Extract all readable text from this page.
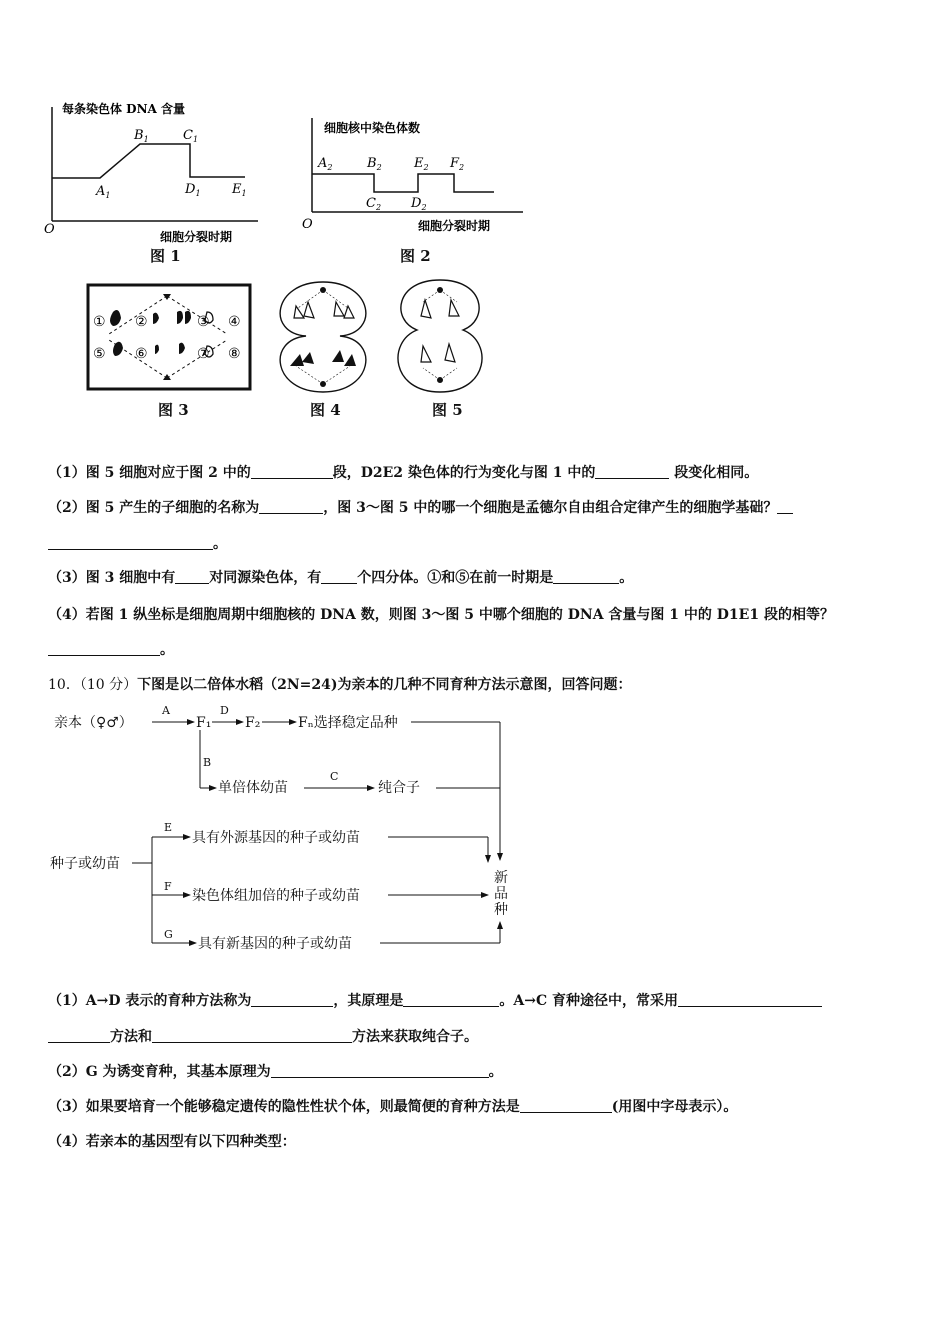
每条染色体 DNA 含量
O	细胞分裂时期
$A_1$
$B_1$	$C_1$
$D_1$ $E_1$
图 1
细胞核中染色体数
O	细胞分裂时期
$A_2$	$B_2$
$C_2$ $D_2$
$E_2$ $F_2$
图 2
① ②	③ ④
⑤ ⑥	⑦ ⑧
图 3	图 4	图 5
（1）图 5 细胞对应于图 2 中的	段，D2E2 染色体的行为变化与图 1 中的	段变化相同。
（2）图 5 产生的子细胞的名称为	，图 3～图 5 中的哪一个细胞是孟德尔自由组合定律产生的细胞学基础？
。
（3）图 3 细胞中有 对同源染色体，有	个四分体。①和⑤在前一时期是	。
（4）若图 1 纵坐标是细胞周期中细胞核的 DNA 数，则图 3～图 5 中哪个细胞的 DNA 含量与图 1 中的 D1E1 段的相等？
。
10．（10 分）下图是以二倍体水稻（2N=24)为亲本的几种不同育种方法示意图，回答问题：
亲本（♀♂）
A
F₁
D
F₂	Fₙ选择稳定品种
B
单倍体幼苗
C
纯合子
种子或幼苗
E
具有外源基因的种子或幼苗
F
染色体组加倍的种子或幼苗
G
具有新基因的种子或幼苗
新
品
种
（1）A→D 表示的育种方法称为	，其原理是	。A→C 育种途径中，常采用
方法和	方法来获取纯合子。
（2）G 为诱变育种，其基本原理为	。
（3）如果要培育一个能够稳定遗传的隐性性状个体，则最简便的育种方法是	(用图中字母表示）。
（4）若亲本的基因型有以下四种类型：
